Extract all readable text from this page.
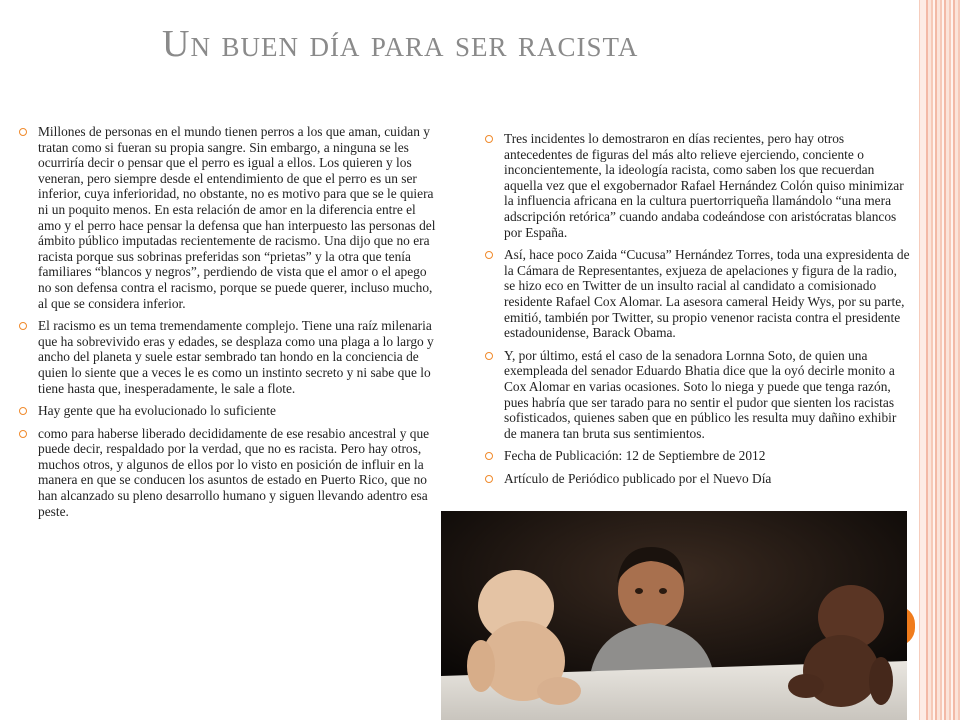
Un buen día para ser racista
Millones de personas en el mundo tienen perros a los que aman, cuidan y tratan como si fueran su propia sangre. Sin embargo, a ninguna se les ocurriría decir o pensar que el perro es igual a ellos. Los quieren y los veneran, pero siempre desde el entendimiento de que el perro es un ser inferior, cuya inferioridad, no obstante, no es motivo para que se le quiera ni un poquito menos. En esta relación de amor en la diferencia entre el amo y el perro hace pensar la defensa que han interpuesto las personas del ámbito público imputadas recientemente de racismo. Una dijo que no era racista porque sus sobrinas preferidas son “prietas” y la otra que tenía familiares “blancos y negros”, perdiendo de vista que el amor o el apego no son defensa contra el racismo, porque se puede querer, incluso mucho, al que se considera inferior.
El racismo es un tema tremendamente complejo. Tiene una raíz milenaria que ha sobrevivido eras y edades, se desplaza como una plaga a lo largo y ancho del planeta y suele estar sembrado tan hondo en la conciencia de quien lo siente que a veces le es como un instinto secreto y ni sabe que lo tiene hasta que, inesperadamente, le sale a flote.
Hay gente que ha evolucionado lo suficiente
como para haberse liberado decididamente de ese resabio ancestral y que puede decir, respaldado por la verdad, que no es racista. Pero hay otros, muchos otros, y algunos de ellos por lo visto en posición de influir en la manera en que se conducen los asuntos de estado en Puerto Rico, que no han alcanzado su pleno desarrollo humano y siguen llevando adentro esa peste.
Tres incidentes lo demostraron en días recientes, pero hay otros antecedentes de figuras del más alto relieve ejerciendo, conciente o inconcientemente, la ideología racista, como saben los que recuerdan aquella vez que el exgobernador Rafael Hernández Colón quiso minimizar la influencia africana en la cultura puertorriqueña llamándolo “una mera adscripción retórica” cuando andaba codeándose con aristócratas blancos por España.
Así, hace poco Zaida “Cucusa” Hernández Torres, toda una expresidenta de la Cámara de Representantes, exjueza de apelaciones y figura de la radio, se hizo eco en Twitter de un insulto racial al candidato a comisionado residente Rafael Cox Alomar. La asesora cameral Heidy Wys, por su parte, emitió, también por Twitter, su propio venenor racista contra el presidente estadounidense, Barack Obama.
Y, por último, está el caso de la senadora Lornna Soto, de quien una exempleada del senador Eduardo Bhatia dice que la oyó decirle monito a Cox Alomar en varias ocasiones. Soto lo niega y puede que tenga razón, pues habría que ser tarado para no sentir el pudor que sienten los racistas sofisticados, quienes saben que en público les resulta muy dañino exhibir de manera tan bruta sus sentimientos.
Fecha de Publicación: 12 de Septiembre de 2012
Artículo de Periódico publicado por el Nuevo Día
